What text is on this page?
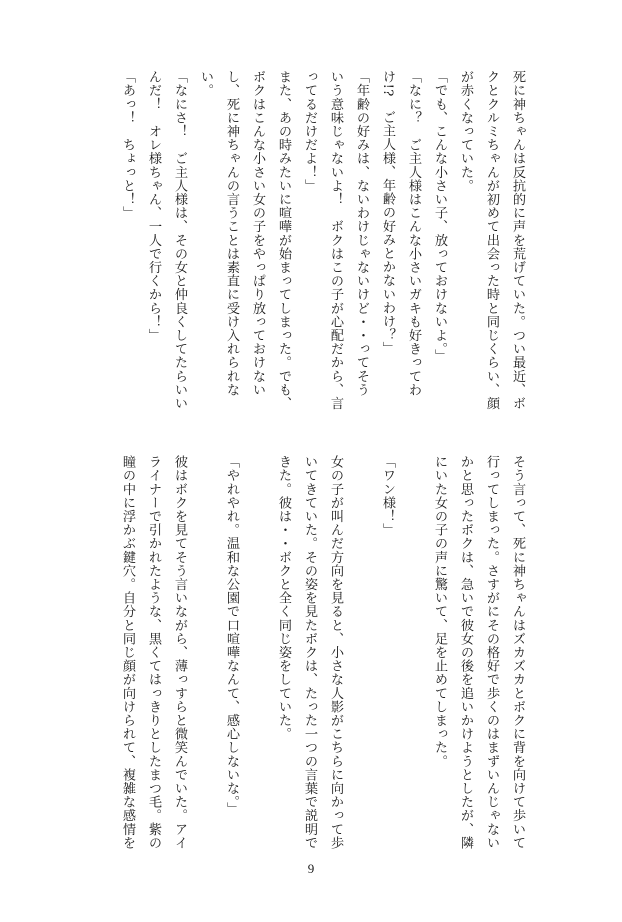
死に神ちゃんは反抗的に声を荒げていた。つい最近、ボ
クとクルミちゃんが初めて出会った時と同じくらい、顔
が赤くなっていた。
「でも、こんな小さい子、放っておけないよ。」
「なに？　ご主人様はこんな小さいガキも好きってわ
け!?　ご主人様、年齢の好みとかないわけ？」
「年齢の好みは、ないわけじゃないけど・・ってそう
いう意味じゃないよ！　ボクはこの子が心配だから、言
ってるだけだよ！」
また、あの時みたいに喧嘩が始まってしまった。でも、
ボクはこんな小さい女の子をやっぱり放っておけない
し、死に神ちゃんの言うことは素直に受け入れられな
い。
「なにさ！　ご主人様は、その女と仲良くしてたらいい
んだ！　オレ様ちゃん、一人で行くから！」
「あっ！　ちょっと！」
そう言って、死に神ちゃんはズカズカとボクに背を向けて歩いて
行ってしまった。さすがにその格好で歩くのはまずいんじゃない
かと思ったボクは、急いで彼女の後を追いかけようとしたが、隣
にいた女の子の声に驚いて、足を止めてしまった。

「ワン様！」

女の子が叫んだ方向を見ると、小さな人影がこちらに向かって歩
いてきていた。その姿を見たボクは、たった一つの言葉で説明で
きた。彼は・・ボクと全く同じ姿をしていた。

「やれやれ。温和な公園で口喧嘩なんて、感心しないな。」

彼はボクを見てそう言いながら、薄っすらと微笑んでいた。アイ
ライナーで引かれたような、黒くてはっきりとしたまつ毛。紫の
瞳の中に浮かぶ鍵穴。自分と同じ顔が向けられて、複雑な感情を
9
